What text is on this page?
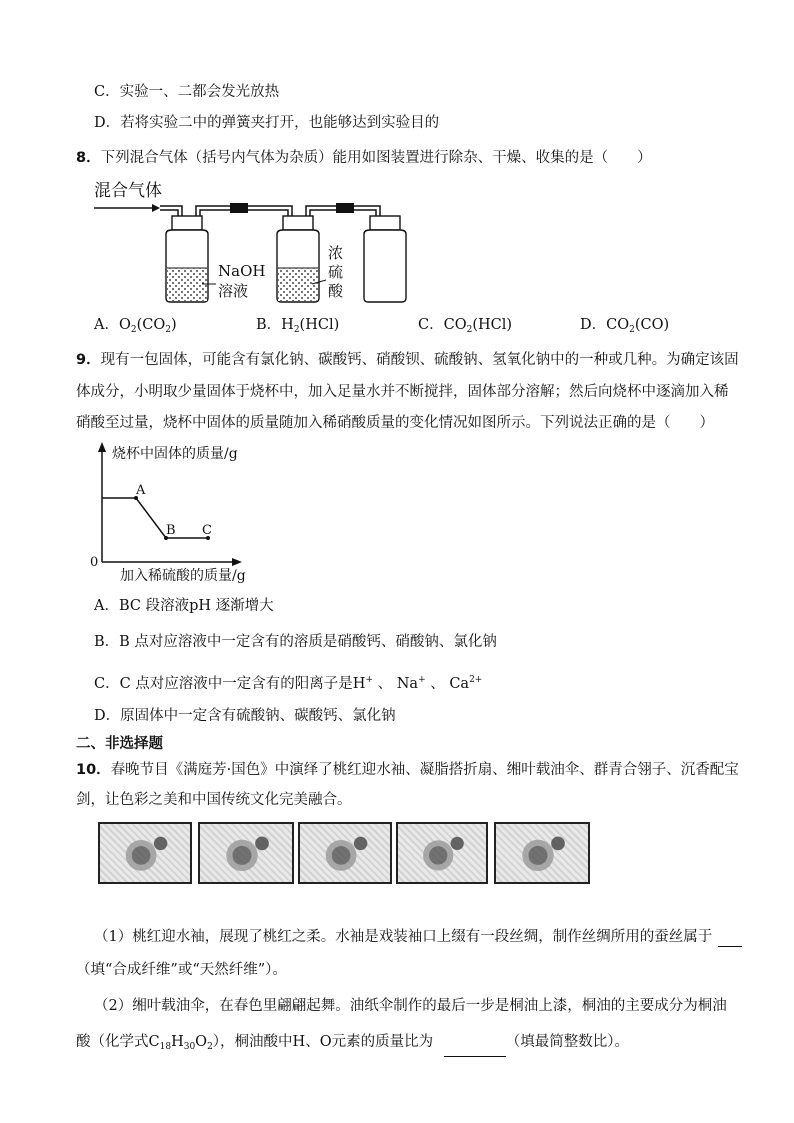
C．实验一、二都会发光放热
D．若将实验二中的弹簧夹打开，也能够达到实验目的
8．下列混合气体（括号内气体为杂质）能用如图装置进行除杂、干燥、收集的是（　　）
混合气体
NaOH
溶液
浓
硫
酸
A．$O_2(CO_2)$	B．$H_2(HCl)$	C．$CO_2(HCl)$	D．$CO_2(CO)$
9．现有一包固体，可能含有氯化钠、碳酸钙、硝酸钡、硫酸钠、氢氧化钠中的一种或几种。为确定该固
体成分，小明取少量固体于烧杯中，加入足量水并不断搅拌，固体部分溶解；然后向烧杯中逐滴加入稀
硝酸至过量，烧杯中固体的质量随加入稀硝酸质量的变化情况如图所示。下列说法正确的是（　　）
烧杯中固体的质量/g
0
A
B C
加入稀硫酸的质量/g
A．BC 段溶液pH 逐渐增大
B．B 点对应溶液中一定含有的溶质是硝酸钙、硝酸钠、氯化钠
C．C 点对应溶液中一定含有的阳离子是H+ 、 Na+ 、 $Ca^{2+}$
D．原固体中一定含有硫酸钠、碳酸钙、氯化钠
二、非选择题
10．春晚节目《满庭芳·国色》中演绎了桃红迎水袖、凝脂搭折扇、缃叶载油伞、群青合翎子、沉香配宝
剑，让色彩之美和中国传统文化完美融合。
（1）桃红迎水袖，展现了桃红之柔。水袖是戏装袖口上缀有一段丝绸，制作丝绸所用的蚕丝属于
（填“合成纤维”或“天然纤维”）。
（2）缃叶载油伞，在春色里翩翩起舞。油纸伞制作的最后一步是桐油上漆，桐油的主要成分为桐油
酸（化学式$C_{18}H_{30}O_2$），桐油酸中H、O元素的质量比为	（填最简整数比）。
